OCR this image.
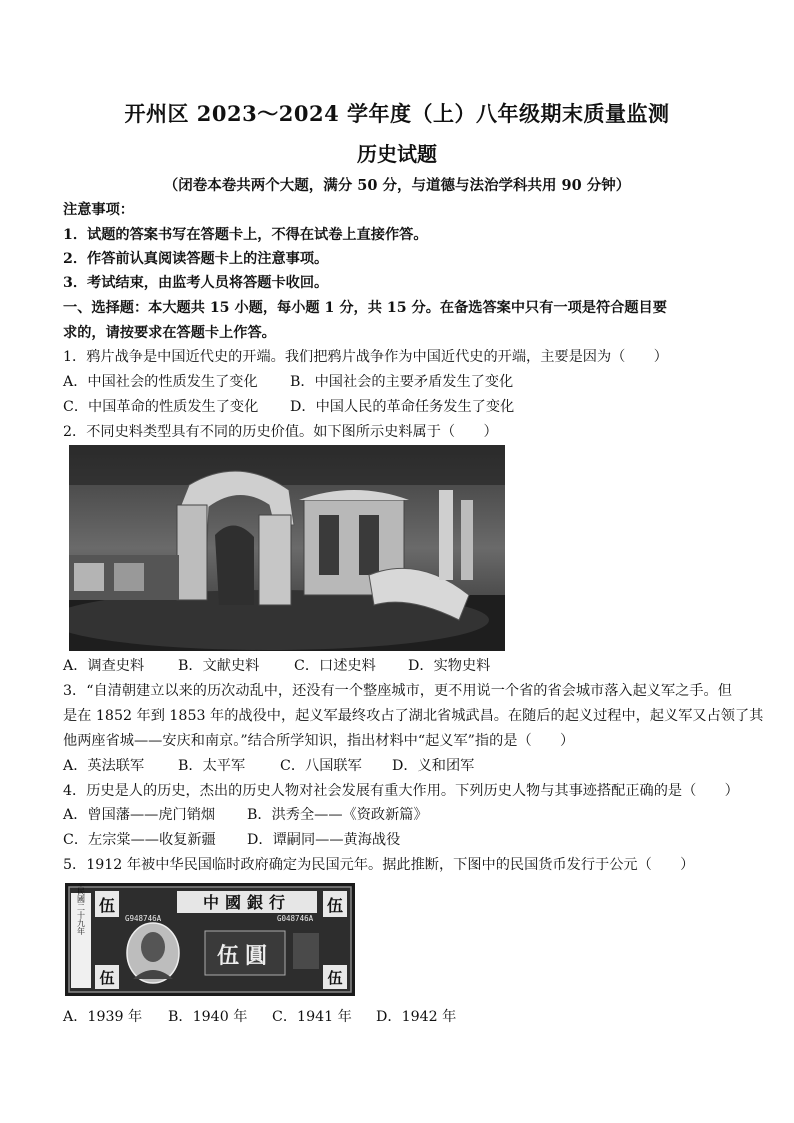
开州区 2023～2024 学年度（上）八年级期末质量监测
历史试题
（闭卷本卷共两个大题，满分 50 分，与道德与法治学科共用 90 分钟）
注意事项：
1．试题的答案书写在答题卡上，不得在试卷上直接作答。
2．作答前认真阅读答题卡上的注意事项。
3．考试结束，由监考人员将答题卡收回。
一、选择题：本大题共 15 小题，每小题 1 分，共 15 分。在备选答案中只有一项是符合题目要
求的，请按要求在答题卡上作答。
1．鸦片战争是中国近代史的开端。我们把鸦片战争作为中国近代史的开端，主要是因为（　　）
A．中国社会的性质发生了变化 B．中国社会的主要矛盾发生了变化
C．中国革命的性质发生了变化 D．中国人民的革命任务发生了变化
2．不同史料类型具有不同的历史价值。如下图所示史料属于（　　）
A．调查史料 B．文献史料 C．口述史料 D．实物史料
3．“自清朝建立以来的历次动乱中，还没有一个整座城市，更不用说一个省的省会城市落入起义军之手。但
是在 1852 年到 1853 年的战役中，起义军最终攻占了湖北省城武昌。在随后的起义过程中，起义军又占领了其
他两座省城——安庆和南京。”结合所学知识，指出材料中“起义军”指的是（　　）
A．英法联军 B．太平军 C．八国联军 D．义和团军
4．历史是人的历史，杰出的历史人物对社会发展有重大作用。下列历史人物与其事迹搭配正确的是（　　）
A．曾国藩——虎门销烟 B．洪秀全——《资政新篇》
C．左宗棠——收复新疆 D．谭嗣同——黄海战役
5．1912 年被中华民国临时政府确定为民国元年。据此推断，下图中的民国货币发行于公元（　　）
中華民國二十九年 伍	伍
伍	伍
中國銀行
G948746A	G048746A
伍圓
A．1939 年 B．1940 年 C．1941 年 D．1942 年
